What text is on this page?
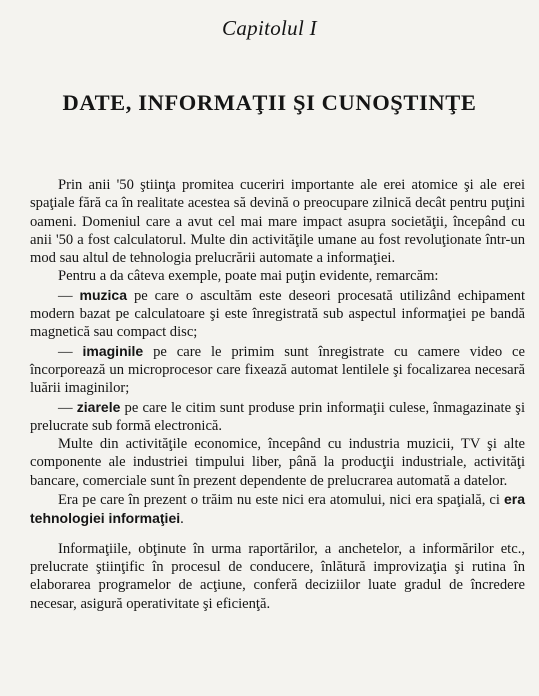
Capitolul I
DATE, INFORMAŢII ŞI CUNOŞTINŢE

Prin anii '50 ştiinţa promitea cuceriri importante ale erei atomice şi ale erei spaţiale fără ca în realitate acestea să devină o preocupare zilnică decât pentru puţini oameni. Domeniul care a avut cel mai mare impact asupra societăţii, începând cu anii '50 a fost calculatorul. Multe din activităţile umane au fost revoluţionate într-un mod sau altul de tehnologia prelucrării automate a informaţiei.

Pentru a da câteva exemple, poate mai puţin evidente, remarcăm:

— muzica pe care o ascultăm este deseori procesată utilizând echipament modern bazat pe calculatoare şi este înregistrată sub aspectul informaţiei pe bandă magnetică sau compact disc;

— imaginile pe care le primim sunt înregistrate cu camere video ce încorporează un microprocesor care fixează automat lentilele şi focalizarea necesară luării imaginilor;

— ziarele pe care le citim sunt produse prin informaţii culese, înmagazinate şi prelucrate sub formă electronică.

Multe din activităţile economice, începând cu industria muzicii, TV şi alte componente ale industriei timpului liber, până la producţii industriale, activităţi bancare, comerciale sunt în prezent dependente de prelucrarea automată a datelor.

Era pe care în prezent o trăim nu este nici era atomului, nici era spaţială, ci era tehnologiei informaţiei.

Informaţiile, obţinute în urma raportărilor, a anchetelor, a informărilor etc., prelucrate ştiinţific în procesul de conducere, înlătură improvizaţia şi rutina în elaborarea programelor de acţiune, conferă deciziilor luate gradul de încredere necesar, asigură operativitate şi eficienţă.
